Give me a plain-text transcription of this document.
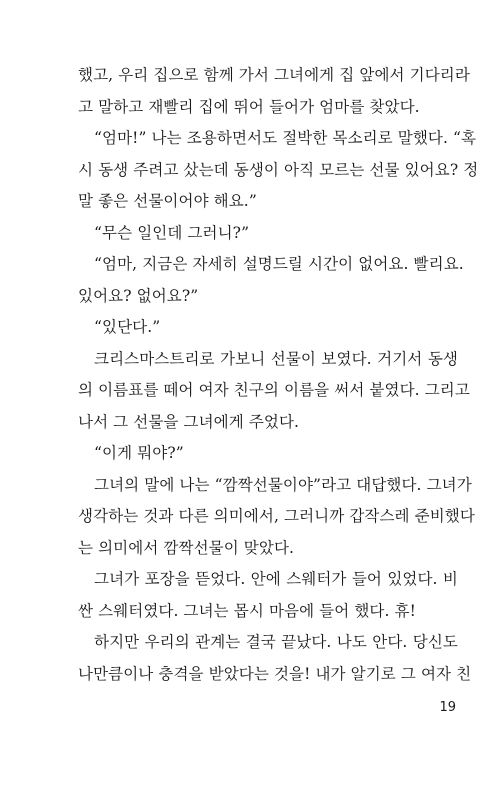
했고, 우리 집으로 함께 가서 그녀에게 집 앞에서 기다리라
고 말하고 재빨리 집에 뛰어 들어가 엄마를 찾았다.
“엄마!” 나는 조용하면서도 절박한 목소리로 말했다. “혹
시 동생 주려고 샀는데 동생이 아직 모르는 선물 있어요? 정
말 좋은 선물이어야 해요.”
“무슨 일인데 그러니?”
“엄마, 지금은 자세히 설명드릴 시간이 없어요. 빨리요.
있어요? 없어요?”
“있단다.”
크리스마스트리로 가보니 선물이 보였다. 거기서 동생
의 이름표를 떼어 여자 친구의 이름을 써서 붙였다. 그리고
나서 그 선물을 그녀에게 주었다.
“이게 뭐야?”
그녀의 말에 나는 “깜짝선물이야”라고 대답했다. 그녀가
생각하는 것과 다른 의미에서, 그러니까 갑작스레 준비했다
는 의미에서 깜짝선물이 맞았다.
그녀가 포장을 뜯었다. 안에 스웨터가 들어 있었다. 비
싼 스웨터였다. 그녀는 몹시 마음에 들어 했다. 휴!
하지만 우리의 관계는 결국 끝났다. 나도 안다. 당신도
나만큼이나 충격을 받았다는 것을! 내가 알기로 그 여자 친
19
